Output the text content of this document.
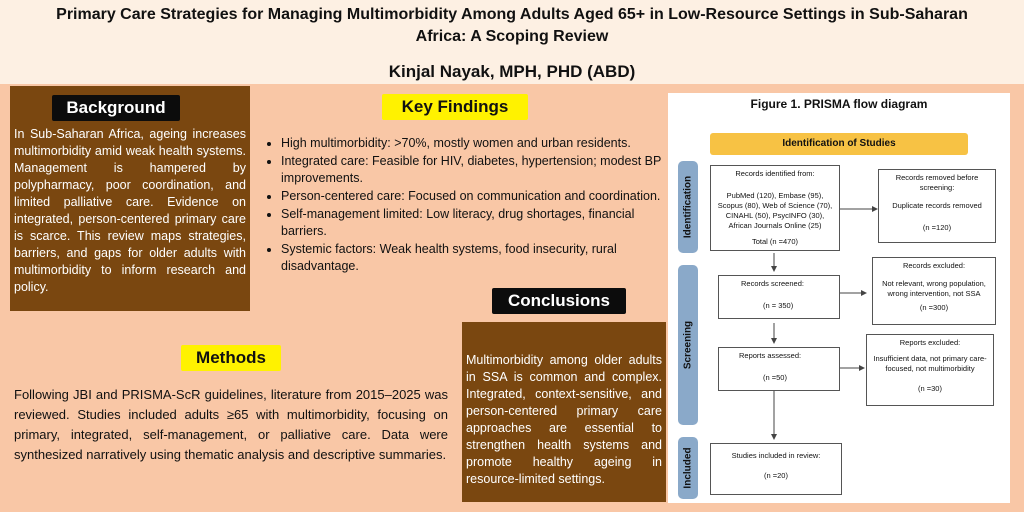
Primary Care Strategies for Managing Multimorbidity Among Adults Aged 65+ in Low-Resource Settings in Sub-Saharan Africa: A Scoping Review
Kinjal Nayak, MPH, PHD (ABD)
In Sub-Saharan Africa, ageing increases multimorbidity amid weak health systems. Management is hampered by polypharmacy, poor coordination, and limited palliative care. Evidence on integrated, person-centered primary care is scarce. This review maps strategies, barriers, and gaps for older adults with multimorbidity to inform research and policy.
Background	Key Findings
• High multimorbidity: >70%, mostly women and urban residents.
• Integrated care: Feasible for HIV, diabetes, hypertension; modest BP improvements.
• Person-centered care: Focused on communication and coordination.
• Self-management limited: Low literacy, drug shortages, financial barriers.
• Systemic factors: Weak health systems, food insecurity, rural disadvantage.
Methods
Following JBI and PRISMA-ScR guidelines, literature from 2015–2025 was reviewed. Studies included adults ≥65 with multimorbidity, focusing on primary, integrated, self-management, or palliative care. Data were synthesized narratively using thematic analysis and descriptive summaries.
Multimorbidity among older adults in SSA is common and complex. Integrated, context-sensitive, and person-centered primary care approaches are essential to strengthen health systems and promote healthy ageing in resource-limited settings.
Conclusions
Figure 1. PRISMA flow diagram
Identification of Studies
Identification
Screening
Included
Records identified from:
PubMed (120), Embase (95), Scopus (80), Web of Science (70), CINAHL (50), PsycINFO (30), African Journals Online (25)
Total (n =470)
Records removed before screening:
Duplicate records removed
(n =120)
Records screened:
(n = 350)
Records excluded:
Not relevant, wrong population, wrong intervention, not SSA
(n =300)
Reports assessed:
(n =50)
Reports excluded:
Insufficient data, not primary care-focused, not multimorbidity
(n =30)
Studies included in review:
(n =20)
